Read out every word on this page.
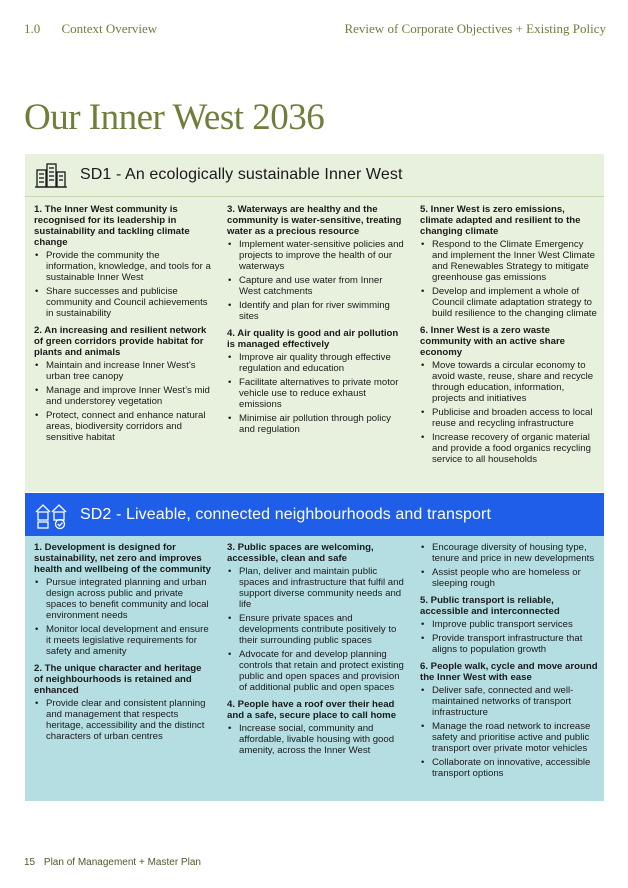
1.0 Context Overview	Review of Corporate Objectives + Existing Policy
Our Inner West 2036
SD1 - An ecologically sustainable Inner West
1. The Inner West community is recognised for its leadership in sustainability and tackling climate change
• Provide the community the information, knowledge, and tools for a sustainable Inner West
• Share successes and publicise community and Council achievements in sustainability
2. An increasing and resilient network of green corridors provide habitat for plants and animals
• Maintain and increase Inner West’s urban tree canopy
• Manage and improve Inner West’s mid and understorey vegetation
• Protect, connect and enhance natural areas, biodiversity corridors and sensitive habitat
3. Waterways are healthy and the community is water-sensitive, treating water as a precious resource
• Implement water-sensitive policies and projects to improve the health of our waterways
• Capture and use water from Inner West catchments
• Identify and plan for river swimming sites
4. Air quality is good and air pollution is managed effectively
• Improve air quality through effective regulation and education
• Facilitate alternatives to private motor vehicle use to reduce exhaust emissions
• Minimise air pollution through policy and regulation
5. Inner West is zero emissions, climate adapted and resilient to the changing climate
• Respond to the Climate Emergency and implement the Inner West Climate and Renewables Strategy to mitigate greenhouse gas emissions
• Develop and implement a whole of Council climate adaptation strategy to build resilience to the changing climate
6. Inner West is a zero waste community with an active share economy
• Move towards a circular economy to avoid waste, reuse, share and recycle through education, information, projects and initiatives
• Publicise and broaden access to local reuse and recycling infrastructure
• Increase recovery of organic material and provide a food organics recycling service to all households
SD2 - Liveable, connected neighbourhoods and transport
1. Development is designed for sustainability, net zero and improves health and wellbeing of the community
• Pursue integrated planning and urban design across public and private spaces to benefit community and local environment needs
• Monitor local development and ensure it meets legislative requirements for safety and amenity
2. The unique character and heritage of neighbourhoods is retained and enhanced
• Provide clear and consistent planning and management that respects heritage, accessibility and the distinct characters of urban centres
3. Public spaces are welcoming, accessible, clean and safe
• Plan, deliver and maintain public spaces and infrastructure that fulfil and support diverse community needs and life
• Ensure private spaces and developments contribute positively to their surrounding public spaces
• Advocate for and develop planning controls that retain and protect existing public and open spaces and provision of additional public and open spaces
4. People have a roof over their head and a safe, secure place to call home
• Increase social, community and affordable, livable housing with good amenity, across the Inner West
• Encourage diversity of housing type, tenure and price in new developments
• Assist people who are homeless or sleeping rough
5. Public transport is reliable, accessible and interconnected
• Improve public transport services
• Provide transport infrastructure that aligns to population growth
6. People walk, cycle and move around the Inner West with ease
• Deliver safe, connected and well-maintained networks of transport infrastructure
• Manage the road network to increase safety and prioritise active and public transport over private motor vehicles
• Collaborate on innovative, accessible transport options
15 Plan of Management + Master Plan
